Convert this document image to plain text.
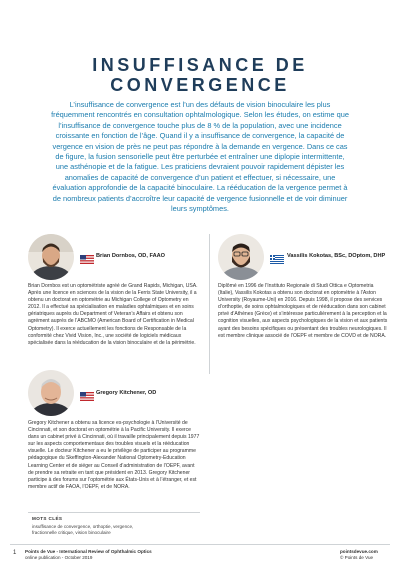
INSUFFISANCE DE
CONVERGENCE
L’insuffisance de convergence est l’un des défauts de vision binoculaire les plus fréquemment rencontrés en consultation ophtalmologique. Selon les études, on estime que l’insuffisance de convergence touche plus de 8 % de la population, avec une incidence croissante en fonction de l’âge. Quand il y a insuffisance de convergence, la capacité de vergence en vision de près ne peut pas répondre à la demande en vergence. Dans ce cas de figure, la fusion sensorielle peut être perturbée et entraîner une diplopie intermittente, une asthénopie et de la fatigue. Les praticiens devraient pouvoir rapidement dépister les anomalies de capacité de convergence d’un patient et effectuer, si nécessaire, une évaluation approfondie de la capacité binoculaire. La rééducation de la vergence permet à de nombreux patients d’accroître leur capacité de vergence fusionnelle et de voir diminuer leurs symptômes.
Brian Dornbos, OD, FAAO
Brian Dornbos est un optométriste agréé de Grand Rapids, Michigan, USA. Après une licence en sciences de la vision de la Ferris State University, il a obtenu un doctorat en optométrie au Michigan College of Optometry en 2012. Il a effectué sa spécialisation en maladies ophtalmiques et en soins gériatriques auprès du Department of Veteran’s Affairs et obtenu son agrément auprès de l’ABCMO (American Board of Certification in Medical Optometry). Il exerce actuellement les fonctions de Responsable de la conformité chez Vivid Vision, Inc., une société de logiciels médicaux spécialisée dans la rééducation de la vision binoculaire et de la périmétrie.
Vassilis Kokotas, BSc, DOptom, DHP
Diplômé en 1996 de l’Instituto Regionale di Studi Ottica e Optometria (Italie), Vassilis Kokotas a obtenu son doctorat en optométrie à l’Aston University (Royaume-Uni) en 2016. Depuis 1998, il propose des services d’orthoptie, de soins ophtalmologiques et de rééducation dans son cabinet privé d’Athènes (Grèce) et s’intéresse particulièrement à la perception et la cognition visuelles, aux aspects psychologiques de la vision et aux patients ayant des besoins spécifiques ou présentant des troubles neurologiques. Il est membre clinique associé de l’OEPF et membre de COVD et de NORA.
Gregory Kitchener, OD
Gregory Kitchener a obtenu sa licence es-psychologie à l’Université de Cincinnati, et son doctorat en optométrie à la Pacific University. Il exerce dans un cabinet privé à Cincinnati, où il travaille principalement depuis 1977 sur les aspects comportementaux des troubles visuels et la rééducation visuelle. Le docteur Kitchener a eu le privilège de participer au programme pédagogique du Skeffington-Alexander National Optometry-Education Learning Center et de siéger au Conseil d’administration de l’OEPF, avant de prendre sa retraite en tant que président en 2013. Gregory Kitchener participe à des forums sur l’optométrie aux États-Unis et à l’étranger, et est membre actif de FAOA, l’OEPF, et de NORA.
MOTS CLÉS
insuffisance de convergence, orthoptie, vergence, fractionnelle critique, vision binoculaire
1 Points de Vue - International Review of Ophthalmic Optics
online publication - October 2019
pointsdevue.com
© Points de Vue
